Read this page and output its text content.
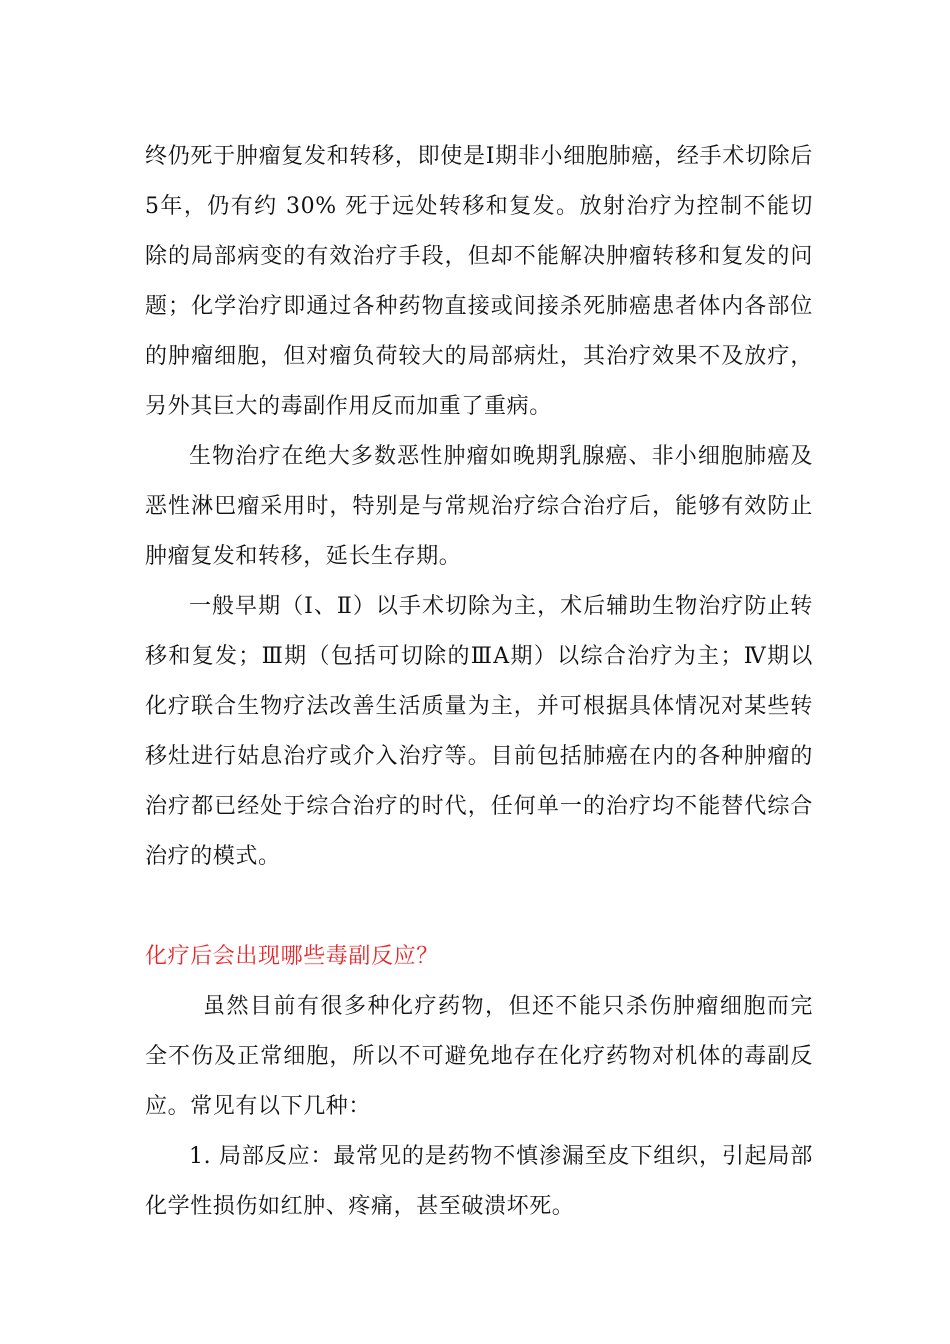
终仍死于肿瘤复发和转移，即使是Ⅰ期非小细胞肺癌，经手术切除后5年，仍有约 30% 死于远处转移和复发。放射治疗为控制不能切除的局部病变的有效治疗手段，但却不能解决肿瘤转移和复发的问题；化学治疗即通过各种药物直接或间接杀死肺癌患者体内各部位的肿瘤细胞，但对瘤负荷较大的局部病灶，其治疗效果不及放疗，另外其巨大的毒副作用反而加重了重病。

生物治疗在绝大多数恶性肿瘤如晚期乳腺癌、非小细胞肺癌及恶性淋巴瘤采用时，特别是与常规治疗综合治疗后，能够有效防止肿瘤复发和转移，延长生存期。

一般早期（Ⅰ、Ⅱ）以手术切除为主，术后辅助生物治疗防止转移和复发；Ⅲ期（包括可切除的ⅢA期）以综合治疗为主；Ⅳ期以化疗联合生物疗法改善生活质量为主，并可根据具体情况对某些转移灶进行姑息治疗或介入治疗等。目前包括肺癌在内的各种肿瘤的治疗都已经处于综合治疗的时代，任何单一的治疗均不能替代综合治疗的模式。

化疗后会出现哪些毒副反应？

虽然目前有很多种化疗药物，但还不能只杀伤肿瘤细胞而完全不伤及正常细胞，所以不可避免地存在化疗药物对机体的毒副反应。常见有以下几种：

1. 局部反应：最常见的是药物不慎渗漏至皮下组织，引起局部化学性损伤如红肿、疼痛，甚至破溃坏死。
